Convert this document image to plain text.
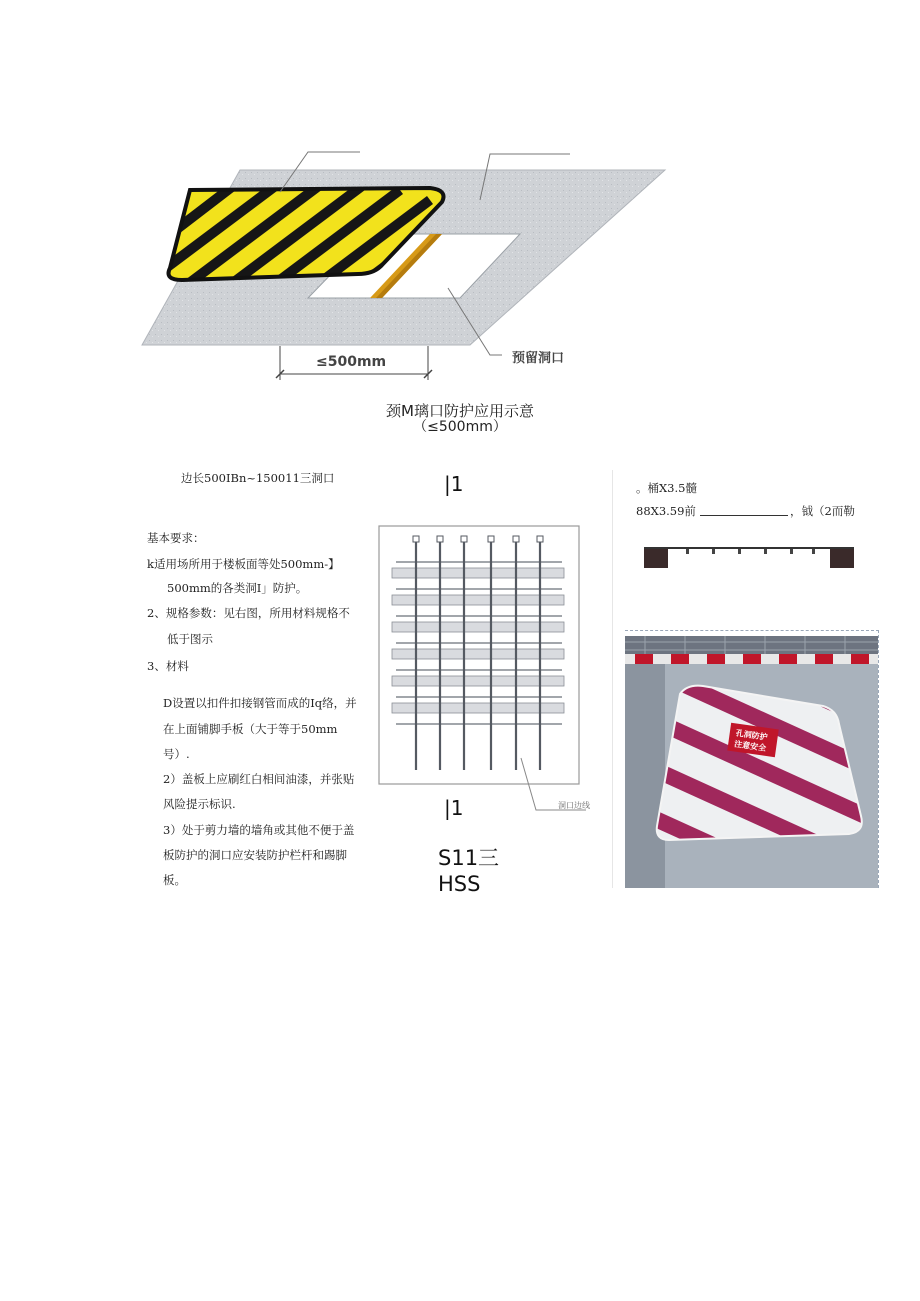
≤500mm	预留洞口
颈M璃口防护应用示意
（≤500mm）
边长500IBn~150011三洞口
基本要求：
k适用场所用于楼板面等处500mm-】
500mm的各类洞I」防护。
2、规格参数：见右图，所用材料规格不
低于图示
3、材料
D设置以扣件扣接钢管而成的Iq络，并
在上面铺脚手板（大于等于50mm
号）.
2）盖板上应刷红白相间油漆，并张贴
风险提示标识.
3）处于剪力墙的墙角或其他不便于盖
板防护的洞口应安装防护栏杆和踢脚
板。
|1
洞口边线
|1
S11三
HSS
。桶X3.5髓
88X3.59前	，钺（2而勒
孔洞防护
注意安全
